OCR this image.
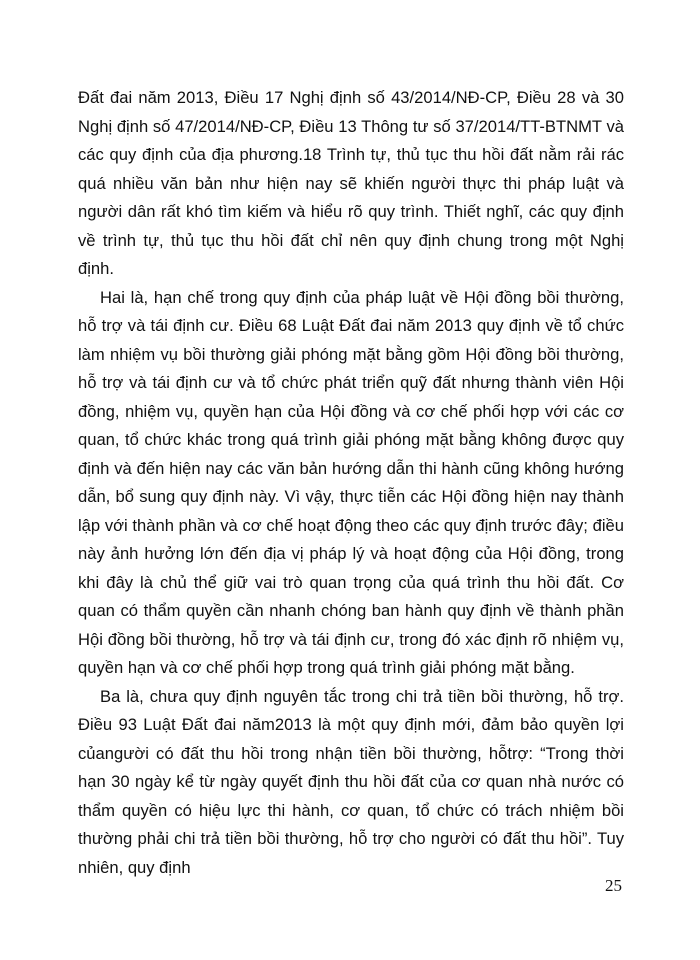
Đất đai năm 2013, Điều 17 Nghị định số 43/2014/NĐ-CP, Điều 28 và 30 Nghị định số 47/2014/NĐ-CP, Điều 13 Thông tư số 37/2014/TT-BTNMT và các quy định của địa phương.18 Trình tự, thủ tục thu hồi đất nằm rải rác quá nhiều văn bản như hiện nay sẽ khiến người thực thi pháp luật và người dân rất khó tìm kiếm và hiểu rõ quy trình. Thiết nghĩ, các quy định về trình tự, thủ tục thu hồi đất chỉ nên quy định chung trong một Nghị định.

Hai là, hạn chế trong quy định của pháp luật về Hội đồng bồi thường, hỗ trợ và tái định cư. Điều 68 Luật Đất đai năm 2013 quy định về tổ chức làm nhiệm vụ bồi thường giải phóng mặt bằng gồm Hội đồng bồi thường, hỗ trợ và tái định cư và tổ chức phát triển quỹ đất nhưng thành viên Hội đồng, nhiệm vụ, quyền hạn của Hội đồng và cơ chế phối hợp với các cơ quan, tổ chức khác trong quá trình giải phóng mặt bằng không được quy định và đến hiện nay các văn bản hướng dẫn thi hành cũng không hướng dẫn, bổ sung quy định này. Vì vậy, thực tiễn các Hội đồng hiện nay thành lập với thành phần và cơ chế hoạt động theo các quy định trước đây; điều này ảnh hưởng lớn đến địa vị pháp lý và hoạt động của Hội đồng, trong khi đây là chủ thể giữ vai trò quan trọng của quá trình thu hồi đất. Cơ quan có thẩm quyền cần nhanh chóng ban hành quy định về thành phần Hội đồng bồi thường, hỗ trợ và tái định cư, trong đó xác định rõ nhiệm vụ, quyền hạn và cơ chế phối hợp trong quá trình giải phóng mặt bằng.

Ba là, chưa quy định nguyên tắc trong chi trả tiền bồi thường, hỗ trợ. Điều 93 Luật Đất đai năm2013 là một quy định mới, đảm bảo quyền lợi củangười có đất thu hồi trong nhận tiền bồi thường, hỗtrợ: “Trong thời hạn 30 ngày kể từ ngày quyết định thu hồi đất của cơ quan nhà nước có thẩm quyền có hiệu lực thi hành, cơ quan, tổ chức có trách nhiệm bồi thường phải chi trả tiền bồi thường, hỗ trợ cho người có đất thu hồi”. Tuy nhiên, quy định

25
